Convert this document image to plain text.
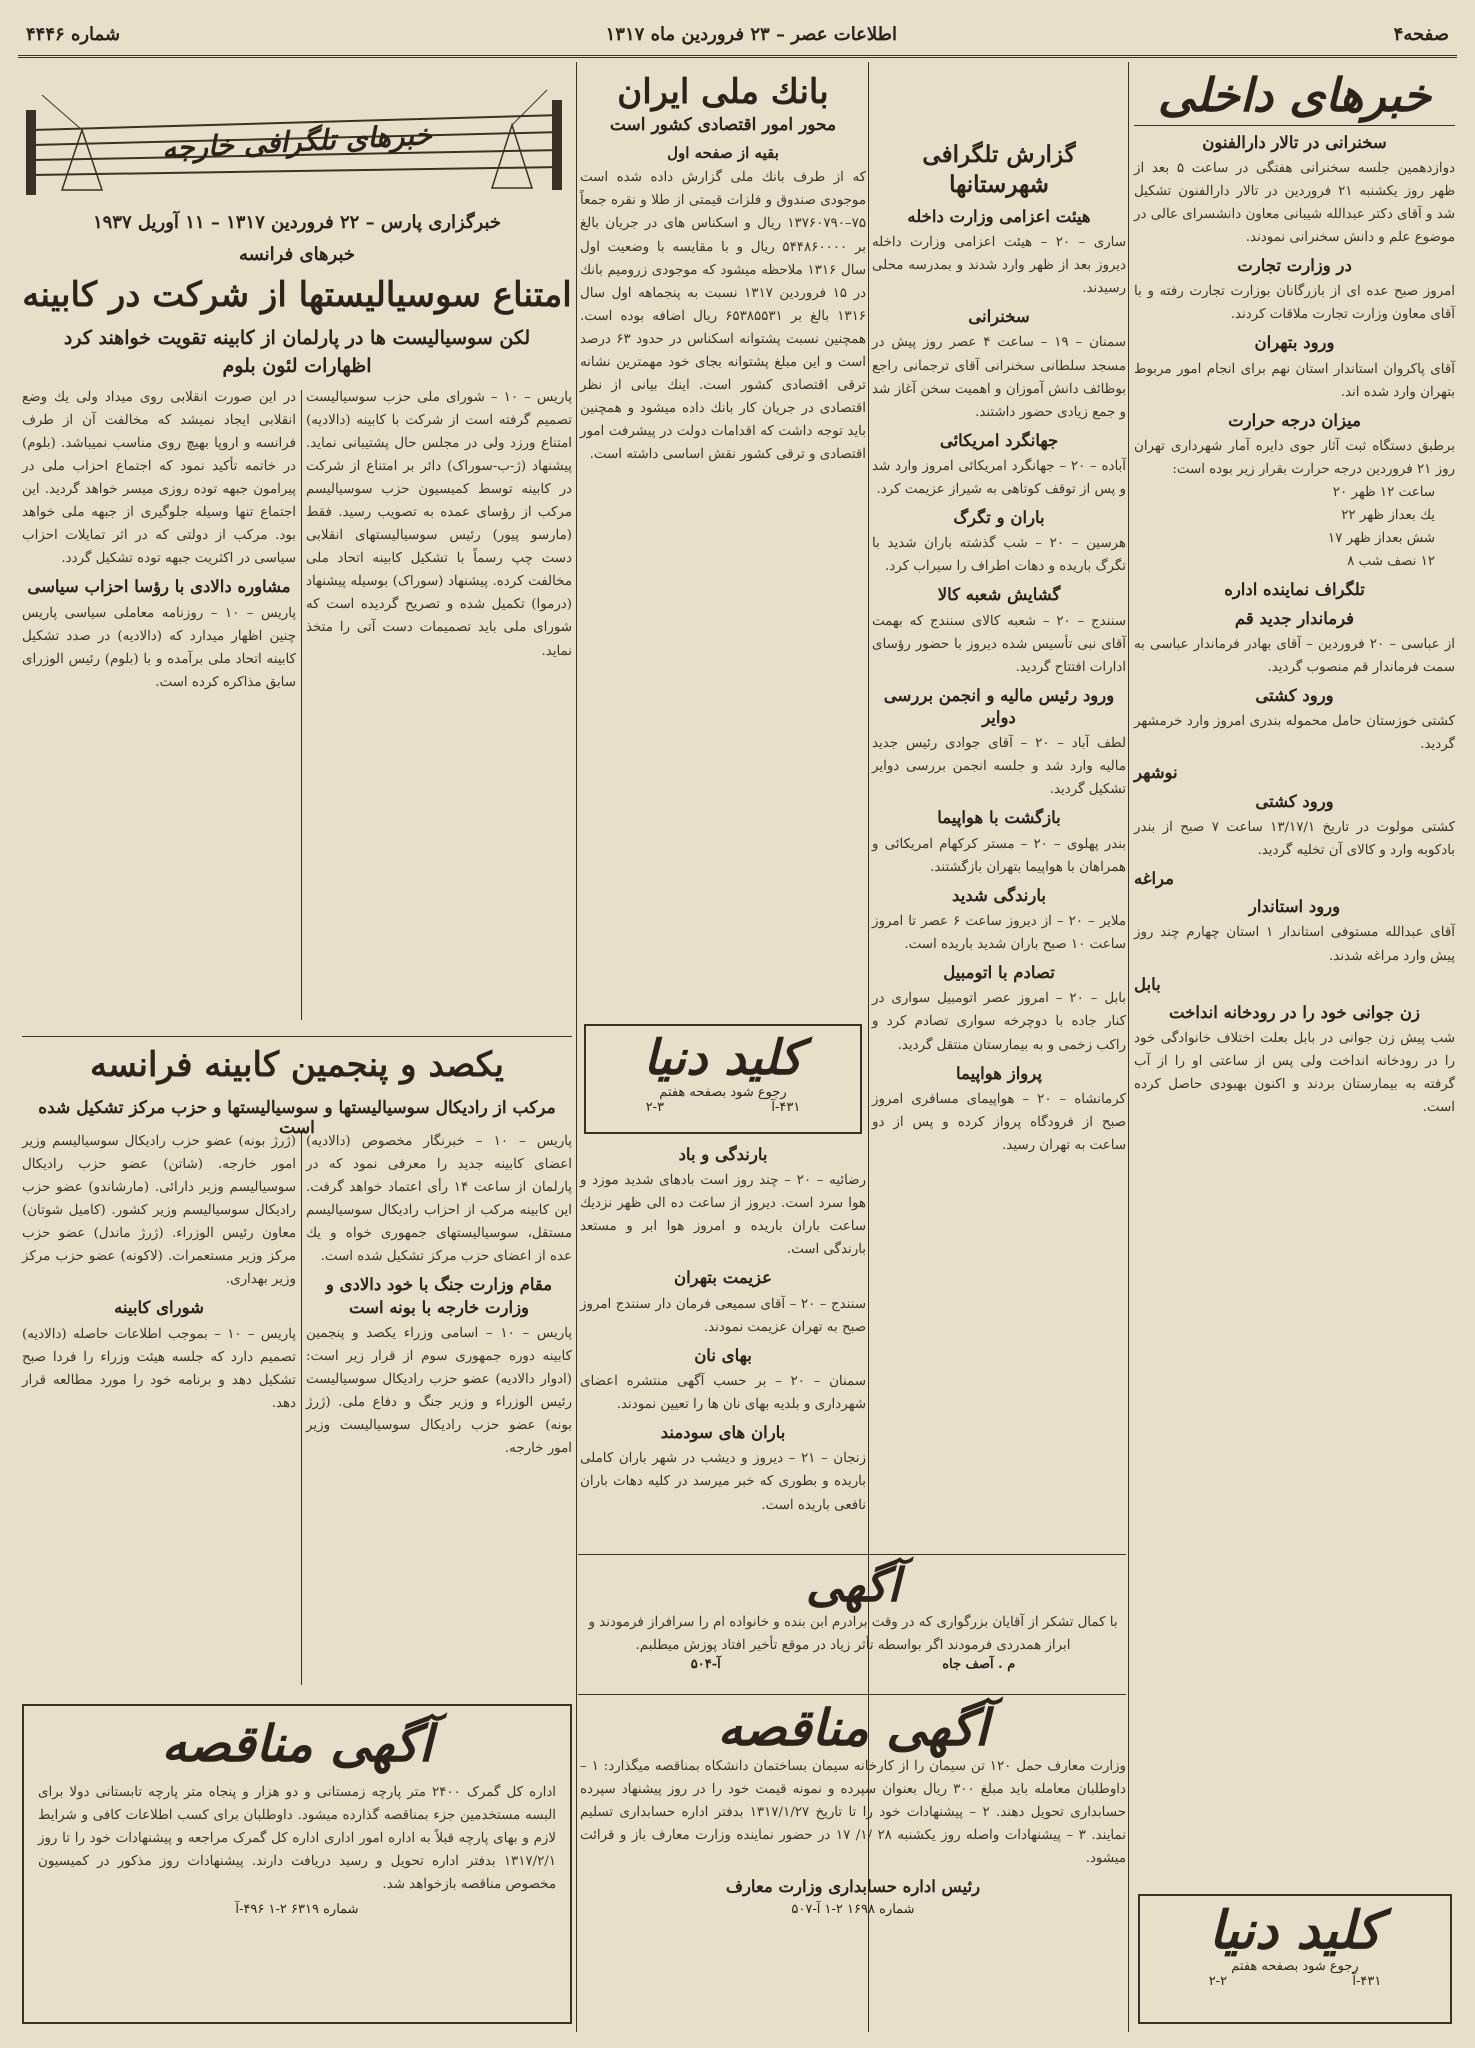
صفحه۴
اطلاعات عصر – ۲۳ فروردین ماه ۱۳۱۷
شماره ۴۴۴۶
خبرهای تلگرافی خارجه
خبرگزاری پارس – ۲۲ فروردین ۱۳۱۷ – ۱۱ آوریل ۱۹۳۷
خبرهای فرانسه
امتناع سوسیالیستها از شرکت در کابینه
لکن سوسیالیست ها در پارلمان از کابینه تقویت خواهند کرد
اظهارات لئون بلوم
پاریس – ۱۰ – شورای ملی حزب سوسیالیست تصمیم گرفته است از شرکت با کابینه (دالادیه) امتناع ورزد ولی در مجلس حال پشتیبانی نماید. پیشنهاد (ژ-ب-سوراک) دائر بر امتناع از شرکت در کابینه توسط کمیسیون حزب سوسیالیسم مرکب از رؤسای عمده به تصویب رسید. فقط (مارسو پیور) رئیس سوسیالیستهای انقلابی دست چپ رسماً با تشکیل کابینه اتحاد ملی مخالفت کرده. پیشنهاد (سوراک) بوسیله پیشنهاد (درموا) تکمیل شده و تصریح گردیده است که شورای ملی باید تصمیمات دست آتی را متخذ نماید.

در این صورت انقلابی روی میداد ولی یك وضع انقلابی ایجاد نمیشد که مخالفت آن از طرف فرانسه و اروپا بهیچ روی مناسب نمیباشد. (بلوم) در خاتمه تأکید نمود که اجتماع احزاب ملی در پیرامون جبهه توده روزی میسر خواهد گردید. این اجتماع تنها وسیله جلوگیری از جبهه ملی خواهد بود. مرکب از دولتی که در اثر تمایلات احزاب سیاسی در اکثریت جبهه توده تشکیل گردد.

مشاوره دالادی با رؤسا احزاب سیاسی

پاریس – ۱۰ – روزنامه معاملی سیاسی پاریس چنین اظهار میدارد که (دالادیه) در صدد تشکیل کابینه اتحاد ملی برآمده و با (بلوم) رئیس الوزرای سابق مذاکره کرده است.

یکصد و پنجمین کابینه فرانسه
مرکب از رادیکال سوسیالیستها و سوسیالیستها و حزب مرکز تشکیل شده است

پاریس – ۱۰ – خبرنگار مخصوص (دالادیه) اعضای کابینه جدید را معرفی نمود که در پارلمان از ساعت ۱۴ رأی اعتماد خواهد گرفت. این کابینه مرکب از احزاب رادیکال سوسیالیسم مستقل، سوسیالیستهای جمهوری خواه و یك عده از اعضای حزب مرکز تشکیل شده است.

مقام وزارت جنگ با خود دالادی و وزارت خارجه با بونه است

پاریس – ۱۰ – اسامی وزراء یکصد و پنجمین کابینه دوره جمهوری سوم از قرار زیر است: (ادوار دالادیه) عضو حزب رادیکال سوسیالیست رئیس الوزراء و وزیر جنگ و دفاع ملی. (ژرژ بونه) عضو حزب رادیکال سوسیالیست وزیر امور خارجه.

(ژرژ بونه) عضو حزب رادیکال سوسیالیسم وزیر امور خارجه. (شاتن) عضو حزب رادیکال سوسیالیسم وزیر دارائی. (مارشاندو) عضو حزب رادیکال سوسیالیسم وزیر کشور. (کامیل شوتان) معاون رئیس الوزراء. (ژرژ ماندل) عضو حزب مرکز وزیر مستعمرات. (لاکونه) عضو حزب مرکز وزیر بهداری.

شورای کابینه

پاریس – ۱۰ – بموجب اطلاعات حاصله (دالادیه) تصمیم دارد که جلسه هیئت وزراء را فردا صبح تشکیل دهد و برنامه خود را مورد مطالعه قرار دهد.

آگهی مناقصه

اداره کل گمرک ۲۴۰۰ متر پارچه زمستانی و دو هزار و پنجاه متر پارچه تابستانی دولا برای البسه مستخدمین جزء بمناقصه گذارده میشود. داوطلبان برای کسب اطلاعات کافی و شرایط لازم و بهای پارچه قبلاً به اداره امور اداری اداره کل گمرک مراجعه و پیشنهادات خود را تا روز ۱۳۱۷/۲/۱ بدفتر اداره تحویل و رسید دریافت دارند. پیشنهادات روز مذکور در کمیسیون مخصوص مناقصه بازخواهد شد.

شماره ۶۳۱۹ ۲-۱ ۴۹۶-آ

بانك ملی ایران
محور امور اقتصادی کشور است

بقیه از صفحه اول

که از طرف بانك ملی گزارش داده شده است موجودی صندوق و فلزات قیمتی از طلا و نقره جمعاً ۷۵–۱۳۷۶۰۷۹۰ ریال و اسکناس های در جریان بالغ بر ۵۴۴۸۶۰۰۰۰ ریال و با مقایسه با وضعیت اول سال ۱۳۱۶ ملاحظه میشود که موجودی زرومیم بانك در ۱۵ فروردین ۱۳۱۷ نسبت به پنجماهه اول سال ۱۳۱۶ بالغ بر ۶۵۳۸۵۵۳۱ ریال اضافه بوده است. همچنین نسبت پشتوانه اسکناس در حدود ۶۳ درصد است و این مبلغ پشتوانه بجای خود مهمترین نشانه ترقی اقتصادی کشور است. اینك بیانی از نظر اقتصادی در جریان کار بانك داده میشود و همچنین باید توجه داشت که اقدامات دولت در پیشرفت امور اقتصادی و ترقی کشور نقش اساسی داشته است.

کلید دنیا
رجوع شود بصفحه هفتم
۴۳۱-آ
۲-۳
بارندگی و باد

رضائیه – ۲۰ – چند روز است بادهای شدید موزد و هوا سرد است. دیروز از ساعت ده الی ظهر نزدیك ساعت باران باریده و امروز هوا ابر و مستعد بارندگی است.

عزیمت بتهران

سنندج – ۲۰ – آقای سمیعی فرمان دار سنندج امروز صبح به تهران عزیمت نمودند.

بهای نان

سمنان – ۲۰ – بر حسب آگهی منتشره اعضای شهرداری و بلدیه بهای نان ها را تعیین نمودند.

باران های سودمند

زنجان – ۲۱ – دیروز و دیشب در شهر باران کاملی باریده و بطوری که خبر میرسد در کلیه دهات باران نافعی باریده است.

آگهی

با کمال تشکر از آقایان بزرگواری که در وقت برادرم ابن بنده و خانواده ام را سرافراز فرمودند و ابراز همدردی فرمودند اگر بواسطه تأثر زیاد در موقع تأخیر افتاد پوزش میطلبم.

م . آصف جاه
آ-۵۰۴

آگهی مناقصه

وزارت معارف حمل ۱۲۰ تن سیمان را از کارخانه سیمان بساختمان دانشکاه بمناقصه میگذارد: ۱ – داوطلبان معامله باید مبلغ ۳۰۰ ریال بعنوان سپرده و نمونه قیمت خود را در روز پیشنهاد سپرده حسابداری تحویل دهند. ۲ – پیشنهادات خود را تا تاریخ ۱۳۱۷/۱/۲۷ بدفتر اداره حسابداری تسلیم نمایند. ۳ – پیشنهادات واصله روز یکشنبه ۲۸ /۱/ ۱۷ در حضور نماینده وزارت معارف باز و قرائت میشود.

رئیس اداره حسابداری وزارت معارف

شماره ۱۶۹۸ ۲-۱ آ-۵۰۷

گزارش تلگرافی شهرستانها
هیئت اعزامی وزارت داخله

ساری – ۲۰ – هیئت اعزامی وزارت داخله دیروز بعد از ظهر وارد شدند و بمدرسه محلی رسیدند.

سخنرانی

سمنان – ۱۹ – ساعت ۴ عصر روز پیش در مسجد سلطانی سخنرانی آقای ترجمانی راجع بوظائف دانش آموزان و اهمیت سخن آغاز شد و جمع زیادی حضور داشتند.

جهانگرد امریکائی

آباده – ۲۰ – جهانگرد امریکائی امروز وارد شد و پس از توقف کوتاهی به شیراز عزیمت کرد.

باران و تگرگ

هرسین – ۲۰ – شب گذشته باران شدید با تگرگ باریده و دهات اطراف را سیراب کرد.

گشایش شعبه کالا

سنندج – ۲۰ – شعبه کالای سنندج که بهمت آقای نبی تأسیس شده دیروز با حضور رؤسای ادارات افتتاح گردید.

ورود رئیس مالیه و انجمن بررسی دوایر

لطف آباد – ۲۰ – آقای جوادی رئیس جدید مالیه وارد شد و جلسه انجمن بررسی دوایر تشکیل گردید.

بازگشت با هواپیما

بندر پهلوی – ۲۰ – مستر کرکهام امریکائی و همراهان با هواپیما بتهران بازگشتند.

بارندگی شدید

ملایر – ۲۰ – از دیروز ساعت ۶ عصر تا امروز ساعت ۱۰ صبح باران شدید باریده است.

تصادم با اتومبیل

بابل – ۲۰ – امروز عصر اتومبیل سواری در کنار جاده با دوچرخه سواری تصادم کرد و راکب زخمی و به بیمارستان منتقل گردید.

پرواز هواپیما

کرمانشاه – ۲۰ – هواپیمای مسافری امروز صبح از فرودگاه پرواز کرده و پس از دو ساعت به تهران رسید.

خبرهای داخلی
سخنرانی در تالار دارالفنون

دوازدهمین جلسه سخنرانی هفتگی در ساعت ۵ بعد از ظهر روز یکشنبه ۲۱ فروردین در تالار دارالفنون تشکیل شد و آقای دکتر عبدالله شیبانی معاون دانشسرای عالی در موضوع علم و دانش سخنرانی نمودند.

در وزارت تجارت

امروز صبح عده ای از بازرگانان بوزارت تجارت رفته و با آقای معاون وزارت تجارت ملاقات کردند.

ورود بتهران

آقای پاکروان استاندار استان نهم برای انجام امور مربوط بتهران وارد شده اند.

میزان درجه حرارت

برطبق دستگاه ثبت آثار جوی دایره آمار شهرداری تهران روز ۲۱ فروردین درجه حرارت بقرار زیر بوده است:

ساعت ۱۲ ظهر ۲۰
یك بعداز ظهر ۲۲
شش بعداز ظهر ۱۷
۱۲ نصف شب ۸
تلگراف نماینده اداره
فرماندار جدید قم

از عباسی – ۲۰ فروردین – آقای بهادر فرماندار عباسی به سمت فرماندار قم منصوب گردید.

ورود کشتی

کشتی خوزستان حامل محموله بندری امروز وارد خرمشهر گردید.

نوشهر
ورود کشتی

کشتی مولوت در تاریخ ۱۳/۱۷/۱ ساعت ۷ صبح از بندر بادکوبه وارد و کالای آن تخلیه گردید.

مراغه
ورود استاندار

آقای عبدالله مستوفی استاندار ۱ استان چهارم چند روز پیش وارد مراغه شدند.

بابل
زن جوانی خود را در رودخانه انداخت

شب پیش زن جوانی در بابل بعلت اختلاف خانوادگی خود را در رودخانه انداخت ولی پس از ساعتی او را از آب گرفته به بیمارستان بردند و اکنون بهبودی حاصل کرده است.

کلید دنیا
رجوع شود بصفحه هفتم
۴۳۱-آ
۲-۲
